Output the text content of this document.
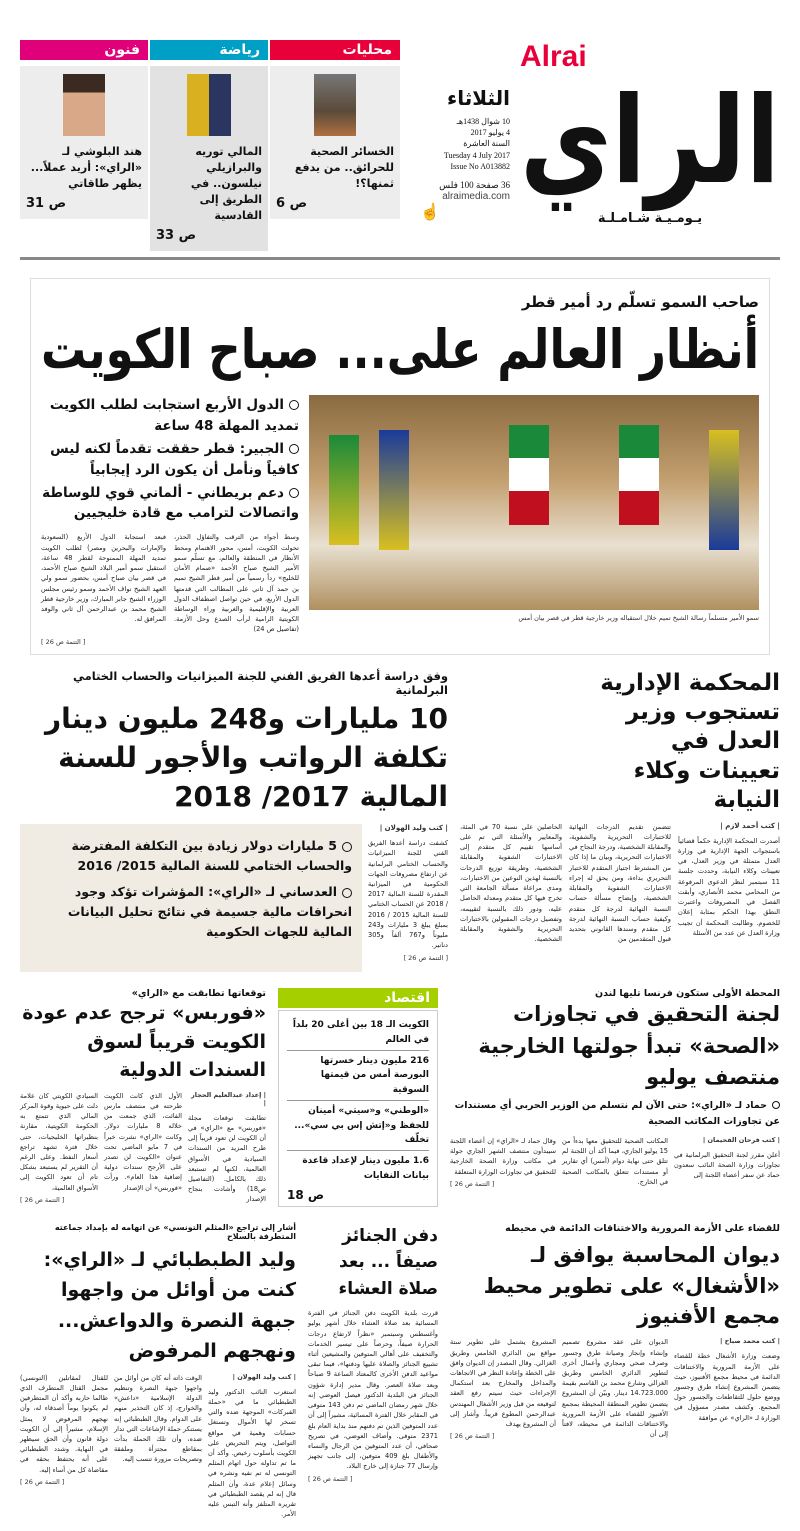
Alrai
الراي
يـومـيـة شـامـلـة
الثلاثاء
10 شوال 1438هـ
4 يوليو 2017
السنة العاشرة
Tuesday 4 July 2017
Issue No A013882
36 صفحة 100 فلس
alraimedia.com
☝
محليات
الخسائر الصحية للحرائق.. من يدفع ثمنها؟!
ص 6
رياضة
المالي توريه والبرازيلي نيلسون.. في الطريق إلى القادسية
ص 33
فنون
هند البلوشي لـ «الراي»: أريد عملاً... يظهر طاقاتي
ص 31
صاحب السمو تسلّم رد أمير قطر
أنظار العالم على... صباح الكويت
سمو الأمير متسلماً رسالة الشيخ تميم خلال استقباله وزير خارجية قطر في قصر بيان أمس
الدول الأربع استجابت لطلب الكويت تمديد المهلة 48 ساعة
الجبير: قطر حققت تقدماً لكنه ليس كافياً ونأمل أن يكون الرد إيجابياً
دعم بريطاني - ألماني قوي للوساطة واتصالات لترامب مع قادة خليجيين
وسط أجواء من الترقب والتفاؤل الحذر، تحولت الكويت، أمس، محور الاهتمام ومحط الأنظار في المنطقة والعالم، مع تسلّم سمو الأمير الشيخ صباح الأحمد «صمام الأمان للخليج» رداً رسمياً من أمير قطر الشيخ تميم بن حمد آل ثاني على المطالب التي قدمتها الدول الأربع، في حين تواصل اصطفاف الدول العربية والإقليمية والغربية وراء الوساطة الكويتية الرامية لرأب الصدع وحل الأزمة. (تفاصيل ص 24)
فبعد استجابة الدول الأربع (السعودية والإمارات والبحرين ومصر) لطلب الكويت تمديد المهلة الممنوحة لقطر 48 ساعة، استقبل سمو أمير البلاد الشيخ صباح الأحمد، في قصر بيان صباح أمس، بحضور سمو ولي العهد الشيخ نواف الأحمد وسمو رئيس مجلس الوزراء الشيخ جابر المبارك، وزير خارجية قطر الشيخ محمد بن عبدالرحمن آل ثاني والوفد المرافق له.
[ التتمة ص 26 ]
المحكمة الإدارية تستجوب وزير العدل في تعيينات وكلاء النيابة
| كتب أحمد لازم |
أصدرت المحكمة الإدارية حكماً قضائياً باستجواب الجهة الإدارية في وزارة العدل متمثلة في وزير العدل، في تعيينات وكلاء النيابة، وحددت جلسة 11 سبتمبر لنظر الدعوى المرفوعة من المحامي محمد الأنصاري، وأبقت الفصل في المصروفات واعتبرت النطق بهذا الحكم بمثابة إعلان للخصوم. وطالبت المحكمة أن تجيب وزارة العدل عن عدد من الأسئلة
تتضمن تقديم الدرجات النهائية للاختبارات التحريرية والشفوية، والمقابلة الشخصية، ودرجة النجاح في الاختبارات التحريرية، وبيان ما إذا كان من المشترط اجتياز المتقدم للاختبار التحريري بداءة، ومن يحق له إجراء الاختبارات الشفوية والمقابلة الشخصية، وإيضاح مسألة حساب النسبة النهائية لدرجة كل متقدم وكيفية حساب النسبة النهائية لدرجة كل متقدم وسندها القانوني بتحديد قبول المتقدمين من
الحاصلين على نسبة 70 في المئة، والمعايير والأسئلة التي تم على أساسها تقييم كل متقدم إلى الاختبارات الشفوية والمقابلة الشخصية، وطريقة توزيع الدرجات بالنسبة لهذين النوعين من الاختبارات، ومدى مراعاة مسألة الجامعة التي تخرج فيها كل متقدم ومعدله الحاصل عليه، ودور ذلك بالنسبة لتقييمه، وتفصيل درجات المقبولين بالاختبارات التحريرية والشفوية والمقابلة الشخصية.
وفق دراسة أعدها الفريق الفني للجنة الميزانيات والحساب الختامي البرلمانية
10 مليارات و248 مليون دينار تكلفة الرواتب والأجور للسنة المالية 2017/ 2018
| كتب وليد الهولان |
كشفت دراسة أعدها الفريق الفني للجنة الميزانيات والحساب الختامي البرلمانية عن ارتفاع مصروفات الجهات الحكومية في الميزانية المقدرة للسنة المالية 2017 / 2018 عن الحساب الختامي للسنة المالية 2015 / 2016 بمبلغ يبلغ 3 مليارات و243 مليوناً و767 ألفاً و305 دنانير.
[ التتمة ص 26 ]
5 مليارات دولار زيادة بين التكلفة المفترضة والحساب الختامي للسنة المالية 2015/ 2016
العدساني لـ «الراي»: المؤشرات تؤكد وجود انحرافات مالية جسيمة في نتائج تحليل البيانات المالية للجهات الحكومية
المحطة الأولى ستكون فرنسا تليها لندن
لجنة التحقيق في تجاوزات «الصحة» تبدأ جولتها الخارجية منتصف يوليو
حماد لـ «الراي»: حتى الآن لم نتسلم من الوزير الحربي أي مستندات عن تجاوزات المكاتب الصحية
| كتب فرحان الفحيمان |
أعلن مقرر لجنة التحقيق البرلمانية في تجاوزات وزارة الصحة النائب سعدون حماد عن سفر أعضاء اللجنة إلى
المكاتب الصحية للتحقيق معها بدءاً من 15 يوليو الجاري، فيما أكد أن اللجنة لم تتلق حتى نهاية دوام (أمس) أي تقارير أو مستندات تتعلق بالمكاتب الصحية في الخارج.
وقال حماد لـ «الراي» إن أعضاء اللجنة سيبدأون منتصف الشهر الجاري جولة في مكاتب وزارة الصحة الخارجية للتحقيق في تجاوزات الوزارة المتعلقة
[ التتمة ص 26 ]
اقتصاد
الكويت الـ 18 بين أغلى 20 بلداً في العالم
216 مليون دينار خسرتها البورصة أمس من قيمتها السوقية
«الوطني» و«سيتي» أمينان للحفظ و«إتش إس بي سي»... تخلّف
1.6 مليون دينار لإعداد قاعدة بيانات النفايات
ص 18
توقعاتها تطابقت مع «الراي»
«فوربس» ترجح عدم عودة الكويت قريباً لسوق السندات الدولية
| إعداد عبدالعليم الحجار |
تطابقت توقعات مجلة «فوربس» مع «الراي» في أن الكويت لن تعود قريباً إلى طرح المزيد من السندات السيادية في الأسواق العالمية، لكنها لم تستبعد ذلك بالكامل. (التفاصيل ص18) وأشادت بنجاح الإصدار
الأول الذي كانت الكويت طرحته في منتصف مارس الفائت، الذي جمعت من خلاله 8 مليارات دولار. وكانت «الراي» نشرت خبراً في 7 مايو الماضي تحت عنوان «الكويت لن تصدر على الأرجح سندات دولية إضافية هذا العام». ورأت «فوربس» أن الإصدار
السيادي الكويتي كان علامة دلت على حيوية وقوة المركز المالي الذي تتمتع به الحكومة الكويتية، مقارنة بنظيراتها الخليجيات، حتى خلال فترة تشهد تراجع أسعار النفط. وعلى الرغم أن التقرير لم يستبعد بشكل تام أن تعود الكويت إلى الأسواق العالمية،
[ التتمة ص 26 ]
للقضاء على الأزمة المرورية والاختناقات الدائمة في محيطه
ديوان المحاسبة يوافق لـ «الأشغال» على تطوير محيط مجمع الأفنيوز
| كتب محمد صباح |
وضعت وزارة الأشغال خطة للقضاء على الأزمة المرورية والاختناقات الدائمة في محيط مجمع الأفنيوز، حيث يتضمن المشروع إنشاء طرق وجسور ووضع حلول للتقاطعات والجسور حول المجمع. وكشف مصدر مسؤول في الوزارة لـ «الراي» عن موافقة
الديوان على عقد مشروع تصميم وإنشاء وإنجاز وصيانة طرق وجسور وصرف صحي ومجاري وأعمال أخرى لتطوير الدائري الخامس وطريق الغزالي وشارع محمد بن القاسم بقيمة 14.723.000 دينار. وبيّن أن المشروع يتضمن تطوير المنطقة المحيطة بمجمع الأفنيوز للقضاء على الأزمة المرورية والاختناقات الدائمة في محيطه، لافتاً إلى أن
المشروع يشتمل على تطوير ستة مواقع بين الدائري الخامس وطريق الغزالي. وقال المصدر إن الديوان وافق على الخطة وإعادة النظر في الاتجاهات والمداخل والمخارج بعد استكمال الإجراءات حيث سيتم رفع العقد لتوقيعه من قبل وزير الأشغال المهندس عبدالرحمن المطوع قريباً. وأشار إلى أن المشروع يهدف
[ التتمة ص 26 ]
دفن الجنائز صيفاً ... بعد صلاة العشاء
قررت بلدية الكويت دفن الجنائز في الفترة المسائية بعد صلاة العشاء خلال أشهر يوليو وأغسطس وسبتمبر «نظراً لارتفاع درجات الحرارة صيفاً، وحرصاً على تيسير الخدمات والتخفيف على أهالي المتوفين والمشيعين أثناء تشييع الجنائز والصلاة عليها ودفنها»، فيما تبقى مواعيد الدفن الأخرى كالمعتاد الساعة 9 صباحاً وبعد صلاة العصر. وقال مدير إدارة شؤون الجنائز في البلدية الدكتور فيصل العوضي إنه خلال شهر رمضان الماضي تم دفن 143 متوفى في المقابر خلال الفترة المسائية، مشيراً إلى أن عدد المتوفين الذين تم دفنهم منذ بداية العام بلغ 2371 متوفى. وأضاف العوضي، في تصريح صحافي، أن عدد المتوفين من الرجال والنساء والأطفال بلغ 409 متوفين، إلى جانب تجهيز وإرسال 77 جنازة إلى خارج البلاد.
[ التتمة ص 26 ]
أشار إلى تراجع «المثلم التونسي» عن اتهامه له بإمداد جماعته المتطرفة بالسلاح
وليد الطبطبائي لـ «الراي»: كنت من أوائل من واجهوا جبهة النصرة والدواعش... ونهجهم المرفوض
| كتب وليد الهولان |
استغرب النائب الدكتور وليد الطبطبائي ما في «حملة الفبركات» الموجهة ضده والتي تسخر لها الأموال وتستغل حسابات وهمية في مواقع التواصل، ويتم التحريض على الكويت بأسلوب رخيص. وأكد أن ما تم تداوله حول اتهام المثلم التونسي له تم نفيه ونشره في وسائل إعلام عدة، وأن المثلم قال إنه لم يقصد الطبطبائي في تقريره المتلفز وأنه التبس عليه الأمر.
الوقت ذاته أنه كان من أوائل من واجهوا جبهة النصرة وتنظيم الدولة الإسلامية «داعش» والخوارج، إذ كان التحذير منهم على الدوام. وقال الطبطبائي إنه يستنكر حملة الإشاعات التي تدار ضده، وأن تلك الحملة بدأت بمقاطع مجتزأة وملفقة وتصريحات مزورة تنسب إليه.
للقتال لمقاتلين (التونسي) مجمل القتال المتطرف الذي طالما حاربه وأكد أن المتطرفين لم يكونوا يوماً أصدقاء له، وأن نهجهم المرفوض لا يمثل الإسلام، مشيراً إلى أن الكويت دولة قانون وأن الحق سيظهر في النهاية. وشدد الطبطبائي على أنه يحتفظ بحقه في مقاضاة كل من أساء إليه.
[ التتمة ص 26 ]
